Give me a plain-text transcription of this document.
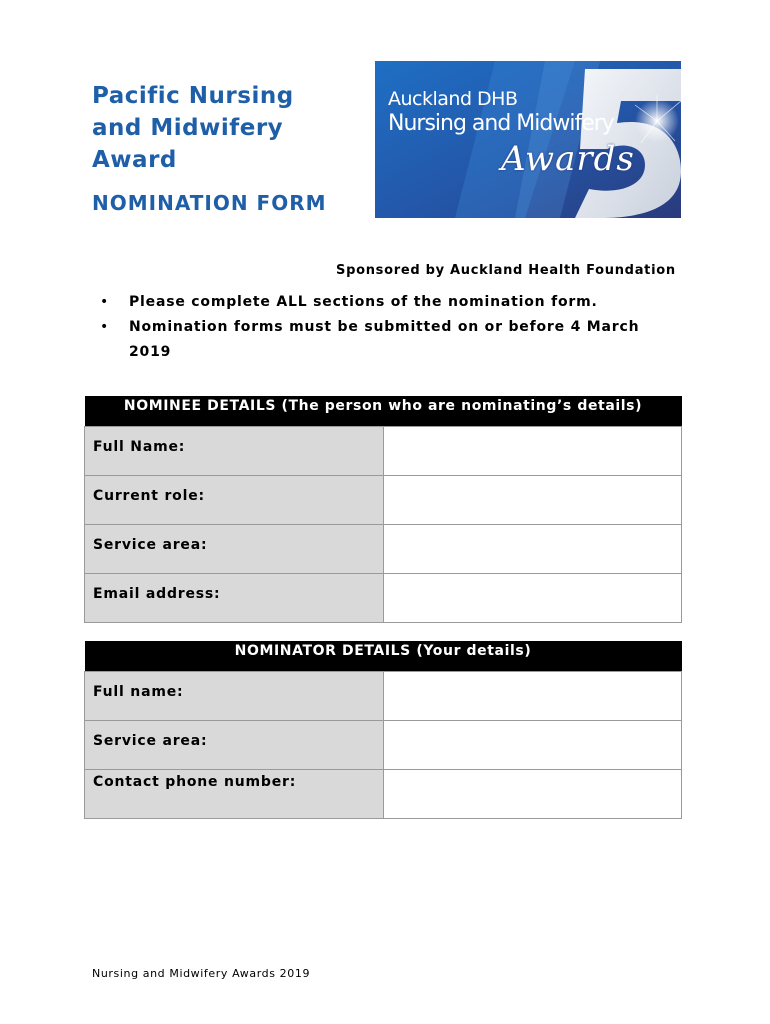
Pacific Nursing
and Midwifery
Award
NOMINATION FORM
Auckland DHB
Nursing and Midwifery
Awards
Sponsored by Auckland Health Foundation
• Please complete ALL sections of the nomination form.
• Nomination forms must be submitted on or before 4 March 2019
NOMINEE DETAILS (The person who are nominating’s details)	
Full Name:	
Current role:	
Service area:	
Email address:	
NOMINATOR DETAILS (Your details)	
Full name:	
Service area:	
Contact phone number:	
Nursing and Midwifery Awards 2019
